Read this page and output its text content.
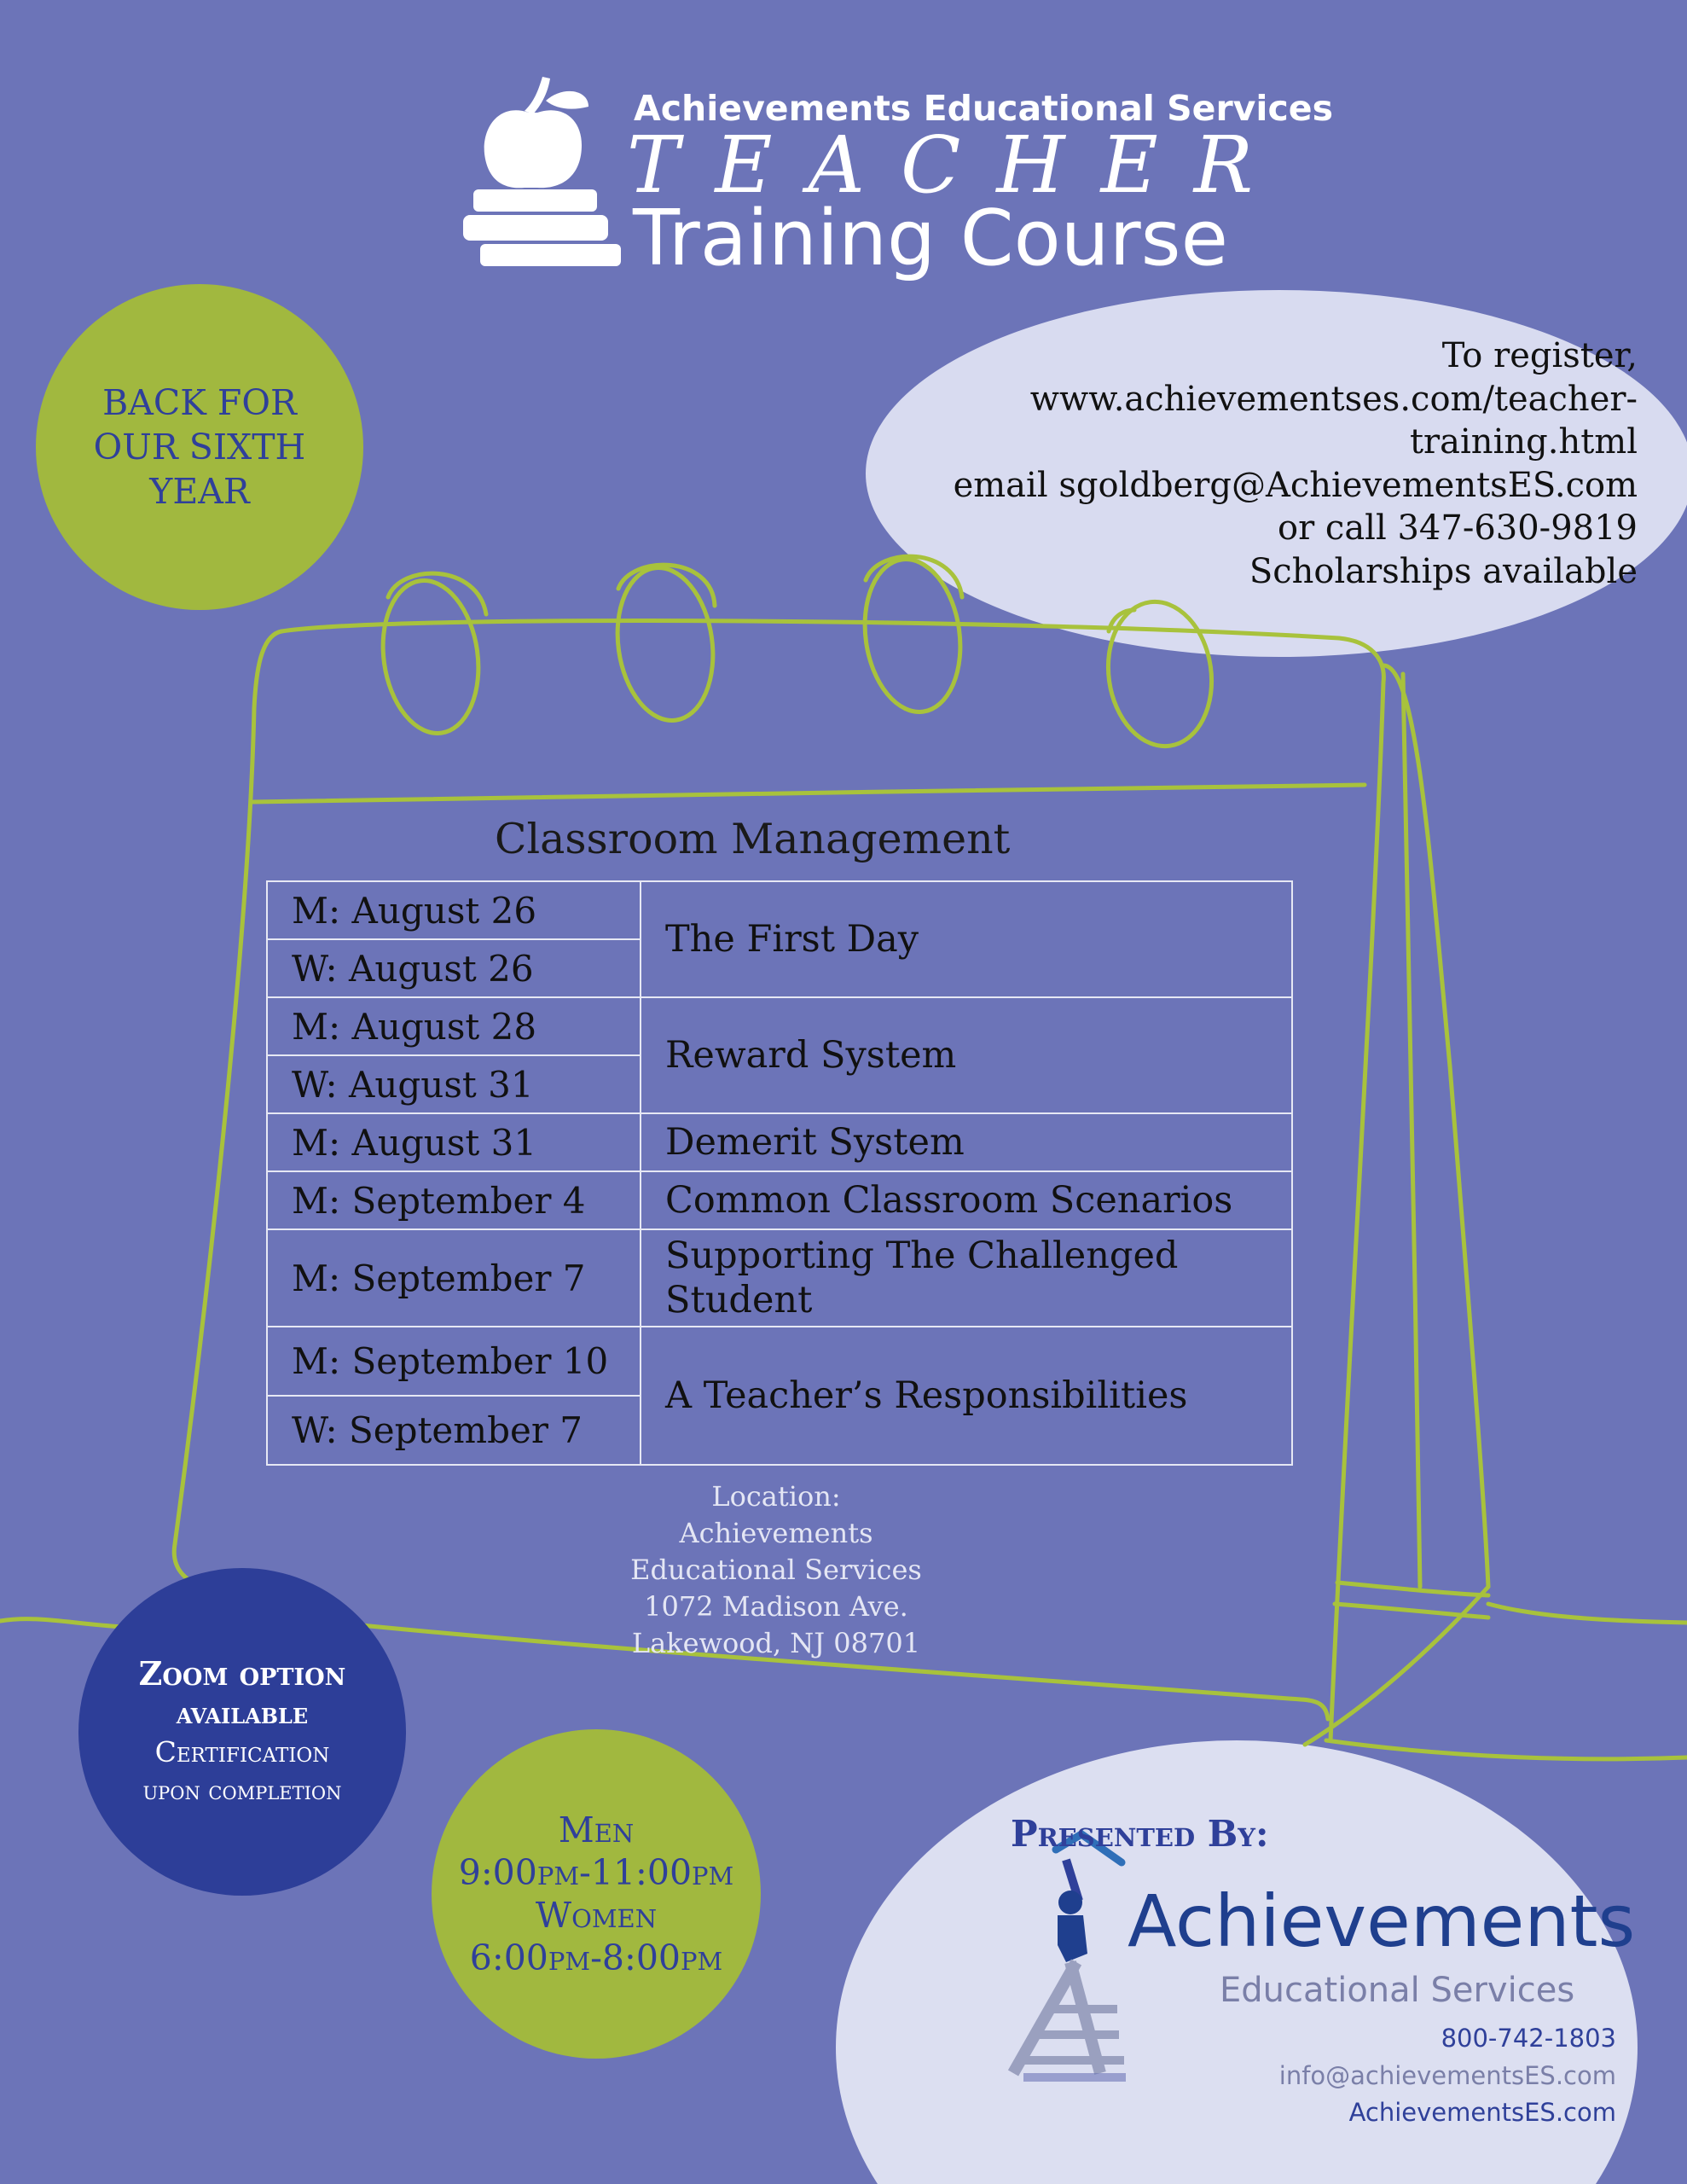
Achievements Educational Services
TEACHER
Training Course
BACK FOR
OUR SIXTH
YEAR
To register,
www.achievementses.com/teacher-
training.html
email sgoldberg@AchievementsES.com
or call 347-630-9819
Scholarships available
Classroom Management
M: August 26	The First Day
W: August 26	
M: August 28	Reward System
W: August 31	
M: August 31	Demerit System
M: September 4	Common Classroom Scenarios
M: September 7	Supporting The Challenged Student
M: September 10	A Teacher’s Responsibilities
W: September 7	
Location:
Achievements
Educational Services
1072 Madison Ave.
Lakewood, NJ 08701
Zoom option
available
Certification
upon completion
Men
9:00pm-11:00pm
Women
6:00pm-8:00pm
Presented By:
Achievements
Educational Services
800-742-1803
info@achievementsES.com
AchievementsES.com
